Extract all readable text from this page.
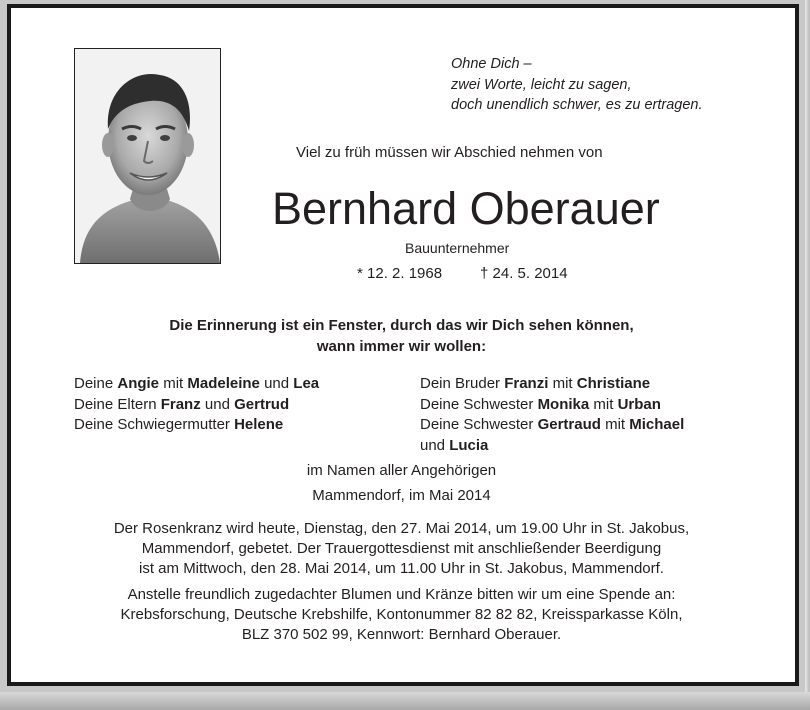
Ohne Dich –
zwei Worte, leicht zu sagen,
doch unendlich schwer, es zu ertragen.
Viel zu früh müssen wir Abschied nehmen von
Bernhard Oberauer
Bauunternehmer
* 12. 2. 1968	† 24. 5. 2014
Die Erinnerung ist ein Fenster, durch das wir Dich sehen können,
wann immer wir wollen:
Deine Angie mit Madeleine und Lea
Deine Eltern Franz und Gertrud
Deine Schwiegermutter Helene
Dein Bruder Franzi mit Christiane
Deine Schwester Monika mit Urban
Deine Schwester Gertraud mit Michael
und Lucia
im Namen aller Angehörigen
Mammendorf, im Mai 2014
Der Rosenkranz wird heute, Dienstag, den 27. Mai 2014, um 19.00 Uhr in St. Jakobus,
Mammendorf, gebetet. Der Trauergottesdienst mit anschließender Beerdigung
ist am Mittwoch, den 28. Mai 2014, um 11.00 Uhr in St. Jakobus, Mammendorf.
Anstelle freundlich zugedachter Blumen und Kränze bitten wir um eine Spende an:
Krebsforschung, Deutsche Krebshilfe, Kontonummer 82 82 82, Kreissparkasse Köln,
BLZ 370 502 99, Kennwort: Bernhard Oberauer.
